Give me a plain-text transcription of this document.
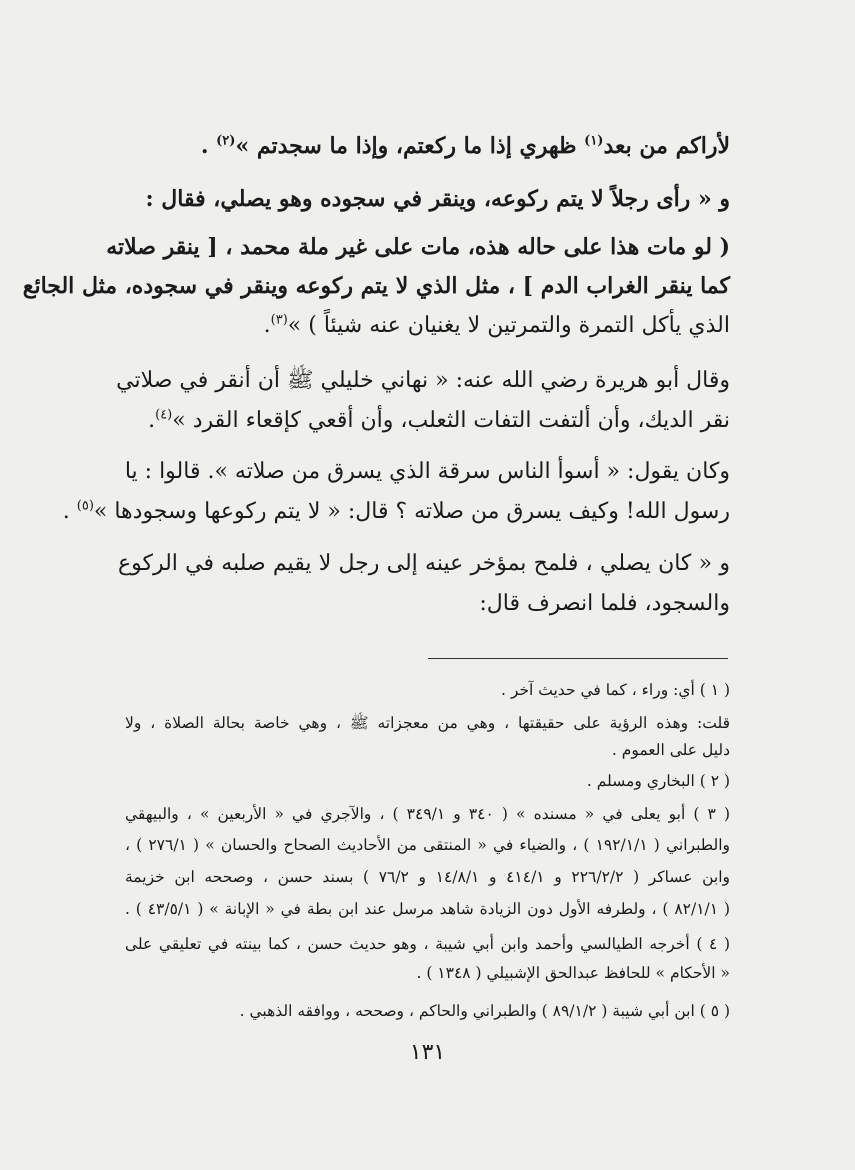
لأراكم من بعد$^{(١)}$ ظهري إذا ما ركعتم، وإذا ما سجدتم »$^{(٢)}$ .
و « رأى رجلاً لا يتم ركوعه، وينقر في سجوده وهو يصلي، فقال :
( لو مات هذا على حاله هذه، مات على غير ملة محمد ، [ ينقر صلاته
كما ينقر الغراب الدم ] ، مثل الذي لا يتم ركوعه وينقر في سجوده، مثل الجائع
الذي يأكل التمرة والتمرتين لا يغنيان عنه شيئاً ) »$^{(٣)}$.
وقال أبو هريرة رضي الله عنه: « نهاني خليلي ﷺ أن أنقر في صلاتي
نقر الديك، وأن ألتفت التفات الثعلب، وأن أقعي كإقعاء القرد »$^{(٤)}$.
وكان يقول: « أسوأ الناس سرقة الذي يسرق من صلاته ». قالوا : يا
رسول الله! وكيف يسرق من صلاته ؟ قال: « لا يتم ركوعها وسجودها »$^{(٥)}$ .
و « كان يصلي ، فلمح بمؤخر عينه إلى رجل لا يقيم صلبه في الركوع
والسجود، فلما انصرف قال:
( ١ ) أي: وراء ، كما في حديث آخر .
قلت: وهذه الرؤية على حقيقتها ، وهي من معجزاته ﷺ ، وهي خاصة بحالة الصلاة ، ولا
دليل على العموم .
( ٢ ) البخاري ومسلم .
( ٣ ) أبو يعلى في « مسنده » ( ٣٤٠ و ٣٤٩/١ ) ، والآجري في « الأربعين » ، والبيهقي
والطبراني ( ١٩٢/١/١ ) ، والضياء في « المنتقى من الأحاديث الصحاح والحسان » ( ٢٧٦/١ ) ،
وابن عساكر ( ٢٢٦/٢/٢ و ٤١٤/١ و ١٤/٨/١ و ٧٦/٢ ) بسند حسن ، وصححه ابن خزيمة
( ٨٢/١/١ ) ، ولطرفه الأول دون الزيادة شاهد مرسل عند ابن بطة في « الإبانة » ( ٤٣/٥/١ ) .
( ٤ ) أخرجه الطيالسي وأحمد وابن أبي شيبة ، وهو حديث حسن ، كما بينته في تعليقي على
« الأحكام » للحافظ عبدالحق الإشبيلي ( ١٣٤٨ ) .
( ٥ ) ابن أبي شيبة ( ٨٩/١/٢ ) والطبراني والحاكم ، وصححه ، ووافقه الذهبي .
١٣١
